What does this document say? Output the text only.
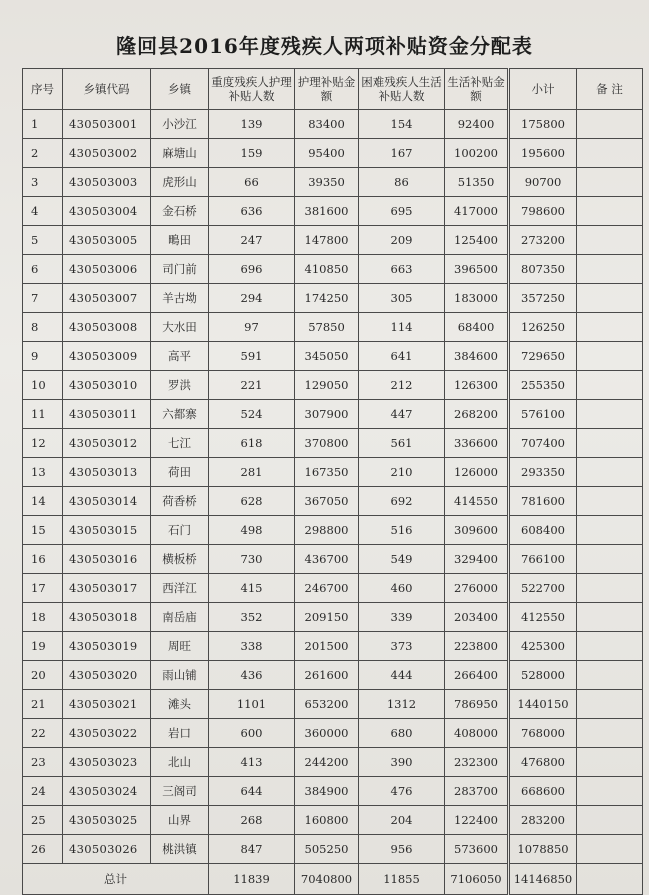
隆回县2016年度残疾人两项补贴资金分配表
序号	乡镇代码	乡镇	重度残疾人护理补贴人数	护理补贴金 额	困难残疾人生活补贴人数	生活补贴金 额	小计	备 注
1	430503001	小沙江	139	83400	154	92400	175800	
2	430503002	麻塘山	159	95400	167	100200	195600	
3	430503003	虎形山	66	39350	86	51350	90700	
4	430503004	金石桥	636	381600	695	417000	798600	
5	430503005	鴫田	247	147800	209	125400	273200	
6	430503006	司门前	696	410850	663	396500	807350	
7	430503007	羊古坳	294	174250	305	183000	357250	
8	430503008	大水田	97	57850	114	68400	126250	
9	430503009	高平	591	345050	641	384600	729650	
10	430503010	罗洪	221	129050	212	126300	255350	
11	430503011	六都寨	524	307900	447	268200	576100	
12	430503012	七江	618	370800	561	336600	707400	
13	430503013	荷田	281	167350	210	126000	293350	
14	430503014	荷香桥	628	367050	692	414550	781600	
15	430503015	石门	498	298800	516	309600	608400	
16	430503016	横板桥	730	436700	549	329400	766100	
17	430503017	西洋江	415	246700	460	276000	522700	
18	430503018	南岳庙	352	209150	339	203400	412550	
19	430503019	周旺	338	201500	373	223800	425300	
20	430503020	雨山铺	436	261600	444	266400	528000	
21	430503021	滩头	1101	653200	1312	786950	1440150	
22	430503022	岩口	600	360000	680	408000	768000	
23	430503023	北山	413	244200	390	232300	476800	
24	430503024	三阁司	644	384900	476	283700	668600	
25	430503025	山界	268	160800	204	122400	283200	
26	430503026	桃洪镇	847	505250	956	573600	1078850	
总计			11839	7040800	11855	7106050	14146850	
